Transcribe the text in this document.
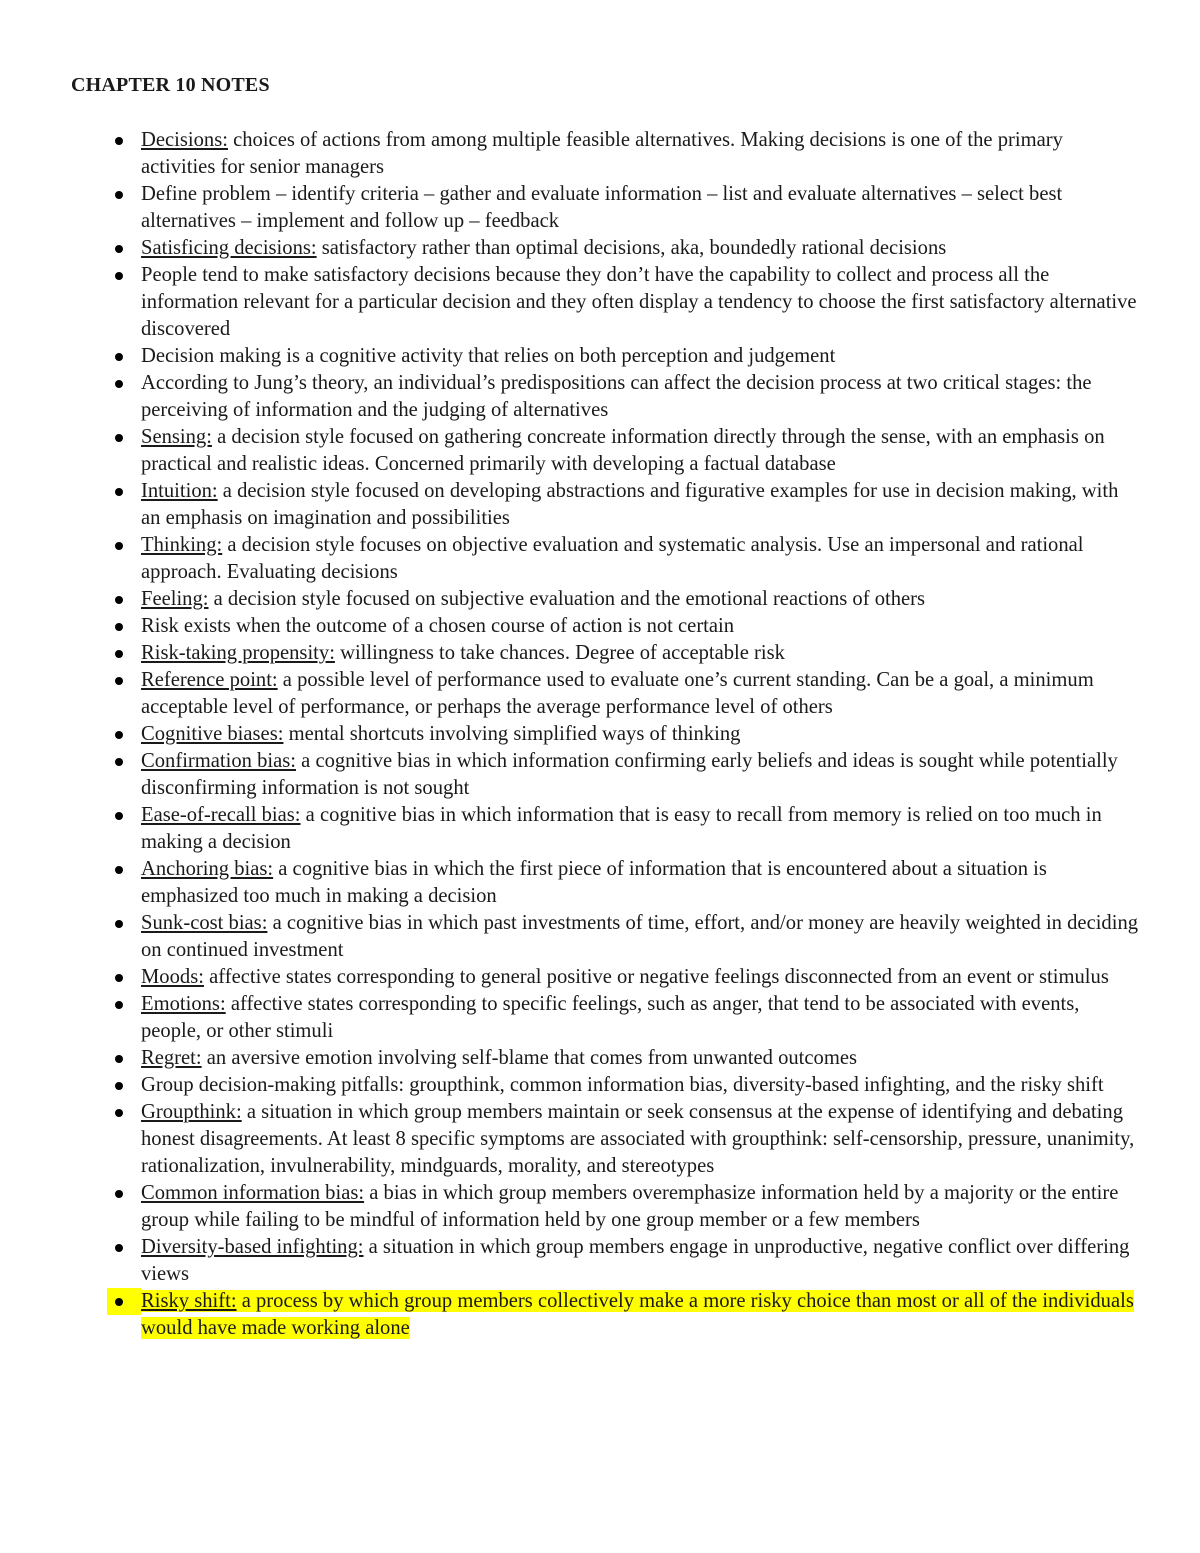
CHAPTER 10 NOTES
Decisions: choices of actions from among multiple feasible alternatives. Making decisions is one of the primary activities for senior managers
Define problem – identify criteria – gather and evaluate information – list and evaluate alternatives – select best alternatives – implement and follow up – feedback
Satisficing decisions: satisfactory rather than optimal decisions, aka, boundedly rational decisions
People tend to make satisfactory decisions because they don’t have the capability to collect and process all the information relevant for a particular decision and they often display a tendency to choose the first satisfactory alternative discovered
Decision making is a cognitive activity that relies on both perception and judgement
According to Jung’s theory, an individual’s predispositions can affect the decision process at two critical stages: the perceiving of information and the judging of alternatives
Sensing: a decision style focused on gathering concreate information directly through the sense, with an emphasis on practical and realistic ideas. Concerned primarily with developing a factual database
Intuition: a decision style focused on developing abstractions and figurative examples for use in decision making, with an emphasis on imagination and possibilities
Thinking: a decision style focuses on objective evaluation and systematic analysis. Use an impersonal and rational approach. Evaluating decisions
Feeling: a decision style focused on subjective evaluation and the emotional reactions of others
Risk exists when the outcome of a chosen course of action is not certain
Risk-taking propensity: willingness to take chances. Degree of acceptable risk
Reference point: a possible level of performance used to evaluate one’s current standing. Can be a goal, a minimum acceptable level of performance, or perhaps the average performance level of others
Cognitive biases: mental shortcuts involving simplified ways of thinking
Confirmation bias: a cognitive bias in which information confirming early beliefs and ideas is sought while potentially disconfirming information is not sought
Ease-of-recall bias: a cognitive bias in which information that is easy to recall from memory is relied on too much in making a decision
Anchoring bias: a cognitive bias in which the first piece of information that is encountered about a situation is emphasized too much in making a decision
Sunk-cost bias: a cognitive bias in which past investments of time, effort, and/or money are heavily weighted in deciding on continued investment
Moods: affective states corresponding to general positive or negative feelings disconnected from an event or stimulus
Emotions: affective states corresponding to specific feelings, such as anger, that tend to be associated with events, people, or other stimuli
Regret: an aversive emotion involving self-blame that comes from unwanted outcomes
Group decision-making pitfalls: groupthink, common information bias, diversity-based infighting, and the risky shift
Groupthink: a situation in which group members maintain or seek consensus at the expense of identifying and debating honest disagreements. At least 8 specific symptoms are associated with groupthink: self-censorship, pressure, unanimity, rationalization, invulnerability, mindguards, morality, and stereotypes
Common information bias: a bias in which group members overemphasize information held by a majority or the entire group while failing to be mindful of information held by one group member or a few members
Diversity-based infighting: a situation in which group members engage in unproductive, negative conflict over differing views
Risky shift: a process by which group members collectively make a more risky choice than most or all of the individuals would have made working alone
